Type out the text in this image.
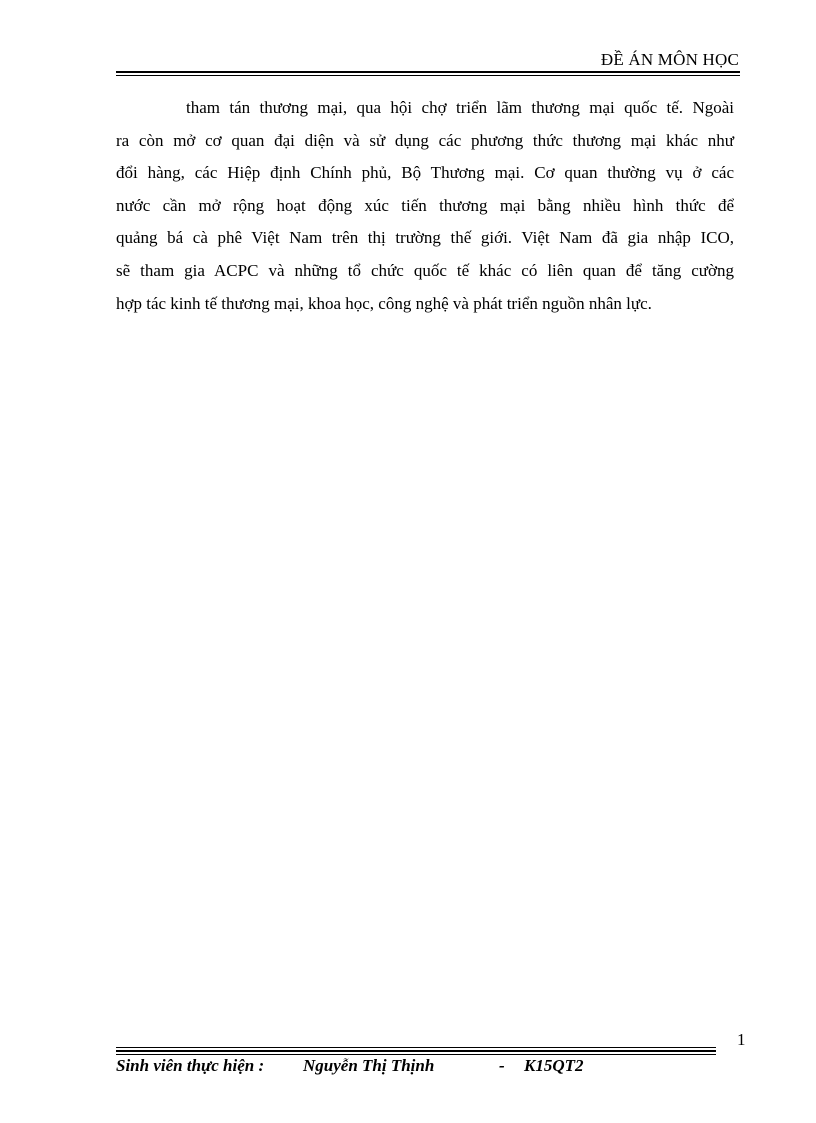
ĐỀ ÁN MÔN HỌC
tham tán thương mại, qua hội chợ triển lãm thương mại quốc tế. Ngoài
ra còn mở cơ quan đại diện và sử dụng các phương thức thương mại khác như
đổi hàng, các Hiệp định Chính phủ, Bộ Thương mại. Cơ quan thường vụ ở các
nước cần mở rộng hoạt động xúc tiến thương mại bằng nhiều hình thức để
quảng bá cà phê Việt Nam trên thị trường thế giới. Việt Nam đã gia nhập ICO,
sẽ tham gia ACPC và những tổ chức quốc tế khác có liên quan để tăng cường
hợp tác kinh tế thương mại, khoa học, công nghệ và phát triển nguồn nhân lực.
1
Sinh viên thực hiện : Nguyễn Thị Thịnh	- K15QT2
